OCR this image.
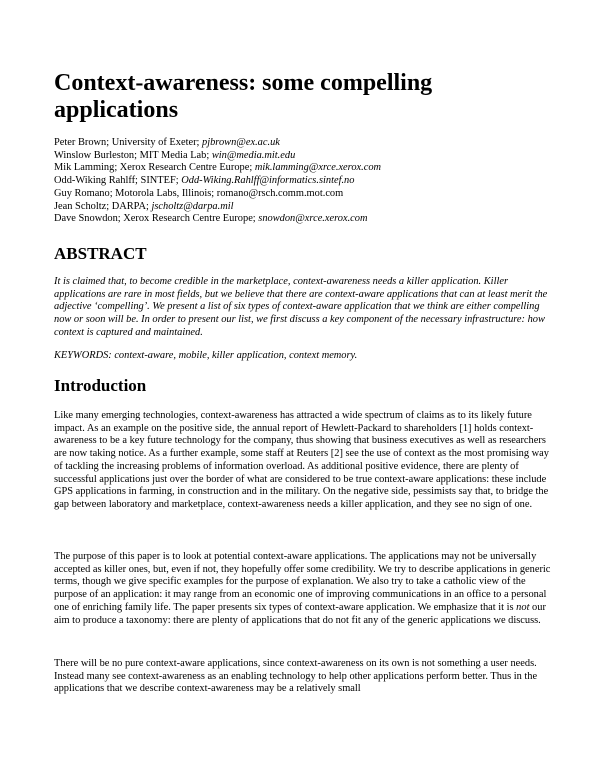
Context-awareness: some compelling applications
Peter Brown; University of Exeter; pjbrown@ex.ac.uk
Winslow Burleston; MIT Media Lab; win@media.mit.edu
Mik Lamming; Xerox Research Centre Europe; mik.lamming@xrce.xerox.com
Odd-Wiking Rahlff; SINTEF; Odd-Wiking.Rahlff@informatics.sintef.no
Guy Romano; Motorola Labs, Illinois; romano@rsch.comm.mot.com
Jean Scholtz; DARPA; jscholtz@darpa.mil
Dave Snowdon; Xerox Research Centre Europe; snowdon@xrce.xerox.com
ABSTRACT

It is claimed that, to become credible in the marketplace, context-awareness needs a killer application. Killer applications are rare in most fields, but we believe that there are context-aware applications that can at least merit the adjective ‘compelling’. We present a list of six types of context-aware application that we think are either compelling now or soon will be. In order to present our list, we first discuss a key component of the necessary infrastructure: how context is captured and maintained.

KEYWORDS: context-aware, mobile, killer application, context memory.

Introduction

Like many emerging technologies, context-awareness has attracted a wide spectrum of claims as to its likely future impact. As an example on the positive side, the annual report of Hewlett-Packard to shareholders [1] holds context-awareness to be a key future technology for the company, thus showing that business executives as well as researchers are now taking notice. As a further example, some staff at Reuters [2] see the use of context as the most promising way of tackling the increasing problems of information overload. As additional positive evidence, there are plenty of successful applications just over the border of what are considered to be true context-aware applications: these include GPS applications in farming, in construction and in the military. On the negative side, pessimists say that, to bridge the gap between laboratory and marketplace, context-awareness needs a killer application, and they see no sign of one.

The purpose of this paper is to look at potential context-aware applications. The applications may not be universally accepted as killer ones, but, even if not, they hopefully offer some credibility. We try to describe applications in generic terms, though we give specific examples for the purpose of explanation. We also try to take a catholic view of the purpose of an application: it may range from an economic one of improving communications in an office to a personal one of enriching family life. The paper presents six types of context-aware application. We emphasize that it is not our aim to produce a taxonomy: there are plenty of applications that do not fit any of the generic applications we discuss.

There will be no pure context-aware applications, since context-awareness on its own is not something a user needs. Instead many see context-awareness as an enabling technology to help other applications perform better. Thus in the applications that we describe context-awareness may be a relatively small
